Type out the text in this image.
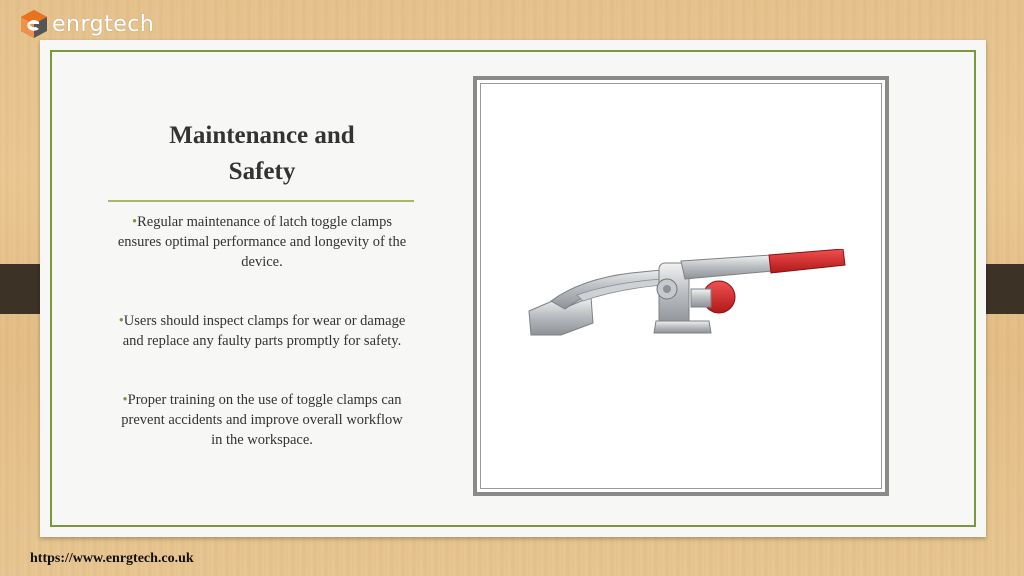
enrgtech
Maintenance and Safety
•Regular maintenance of latch toggle clamps ensures optimal performance and longevity of the device.
•Users should inspect clamps for wear or damage and replace any faulty parts promptly for safety.
•Proper training on the use of toggle clamps can prevent accidents and improve overall workflow in the workspace.
https://www.enrgtech.co.uk
